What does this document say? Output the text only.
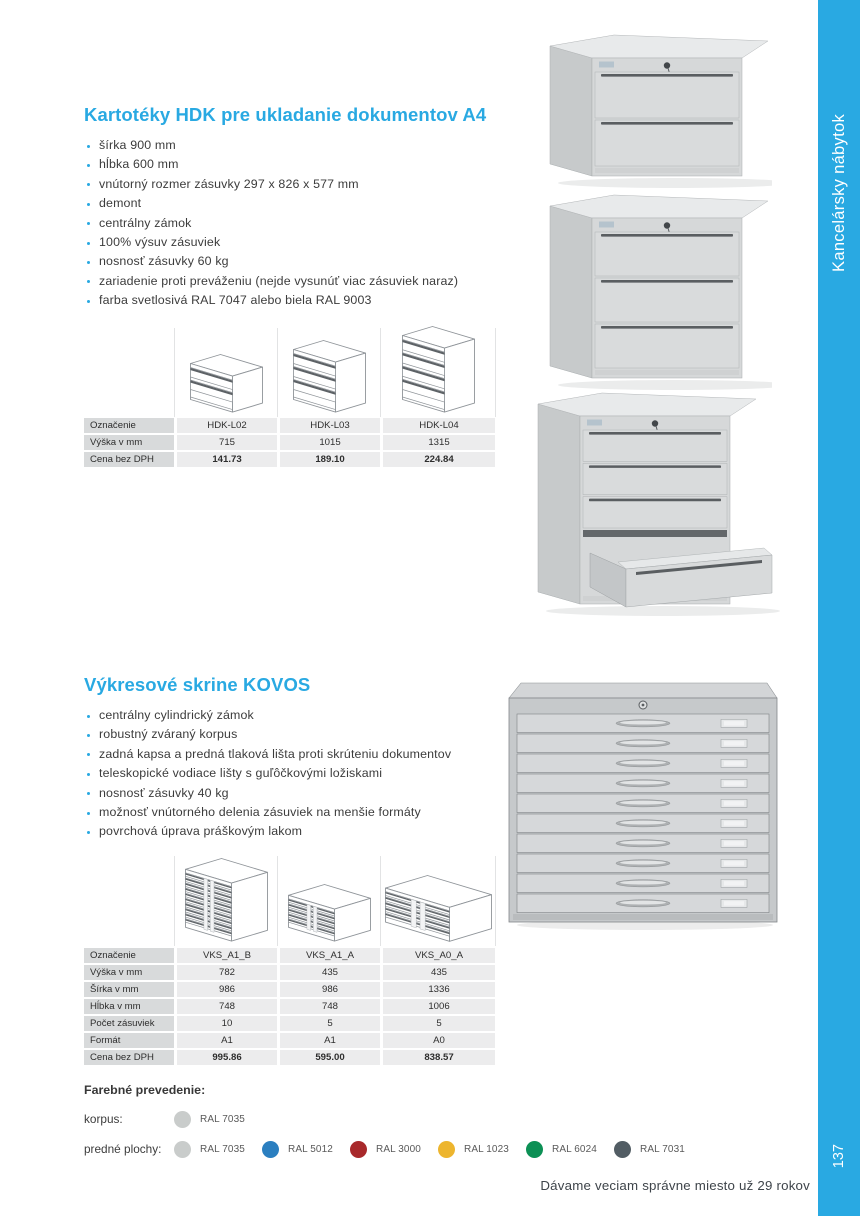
Kartotéky HDK pre ukladanie dokumentov A4
šírka 900 mm
hĺbka 600 mm
vnútorný rozmer zásuvky 297 x 826 x 577 mm
demont
centrálny zámok
100% výsuv zásuviek
nosnosť zásuvky 60 kg
zariadenie proti preváženiu (nejde vysunúť viac zásuviek naraz)
farba svetlosivá RAL 7047 alebo biela RAL 9003
Označenie	HDK-L02	HDK-L03	HDK-L04
Výška v mm	715	1015	1315
Cena bez DPH	141.73	189.10	224.84
Výkresové skrine KOVOS
centrálny cylindrický zámok
robustný zváraný korpus
zadná kapsa a predná tlaková lišta proti skrúteniu dokumentov
teleskopické vodiace lišty s guľôčkovými ložiskami
nosnosť zásuvky 40 kg
možnosť vnútorného delenia zásuviek na menšie formáty
povrchová úprava práškovým lakom
Označenie	VKS_A1_B	VKS_A1_A	VKS_A0_A
Výška v mm	782	435	435
Šírka v mm	986	986	1336
Hĺbka v mm	748	748	1006
Počet zásuviek	10	5	5
Formát	A1	A1	A0
Cena bez DPH	995.86	595.00	838.57
Farebné prevedenie:
korpus:	RAL 7035
predné plochy:	RAL 7035	RAL 5012	RAL 3000	RAL 1023	RAL 6024	RAL 7031
Dávame veciam správne miesto už 29 rokov
Kancelársky nábytok
137
